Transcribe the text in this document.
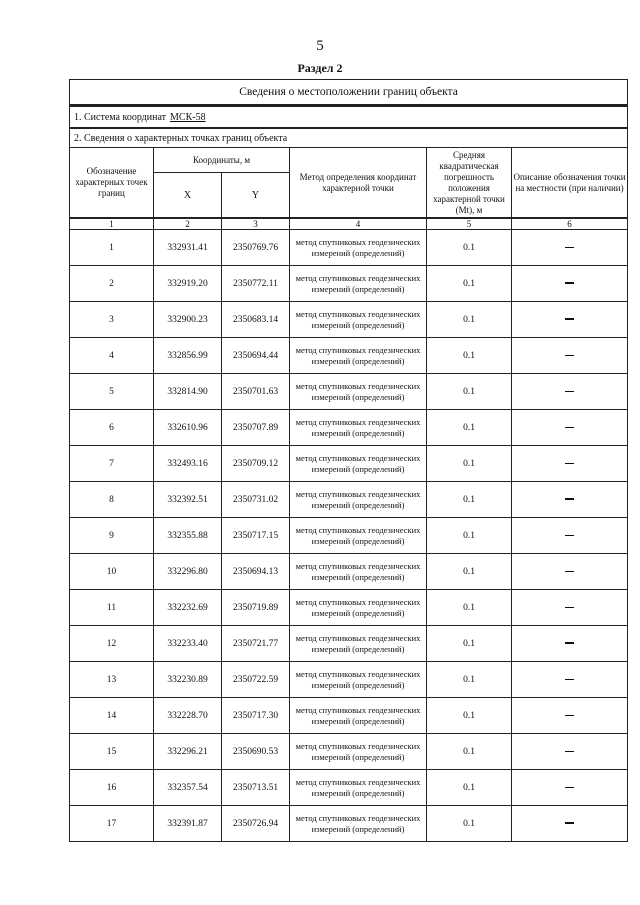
5
Раздел 2
Сведения о местоположении границ объекта					
1. Система координат МСК-58					
2. Сведения о характерных точках границ объекта					
Обозначение характерных точек границ	Координаты, м		Метод определения координат характерной точки	Средняя квадратическая погрешность положения характерной точки (Mt), м	Описание обозначения точки на местности (при наличии)
	X	Y			
1	2	3	4	5	6
1	332931.41	2350769.76	метод спутниковых геодезических измерений (определений)	0.1	
2	332919.20	2350772.11	метод спутниковых геодезических измерений (определений)	0.1	
3	332900.23	2350683.14	метод спутниковых геодезических измерений (определений)	0.1	
4	332856.99	2350694.44	метод спутниковых геодезических измерений (определений)	0.1	
5	332814.90	2350701.63	метод спутниковых геодезических измерений (определений)	0.1	
6	332610.96	2350707.89	метод спутниковых геодезических измерений (определений)	0.1	
7	332493.16	2350709.12	метод спутниковых геодезических измерений (определений)	0.1	
8	332392.51	2350731.02	метод спутниковых геодезических измерений (определений)	0.1	
9	332355.88	2350717.15	метод спутниковых геодезических измерений (определений)	0.1	
10	332296.80	2350694.13	метод спутниковых геодезических измерений (определений)	0.1	
11	332232.69	2350719.89	метод спутниковых геодезических измерений (определений)	0.1	
12	332233.40	2350721.77	метод спутниковых геодезических измерений (определений)	0.1	
13	332230.89	2350722.59	метод спутниковых геодезических измерений (определений)	0.1	
14	332228.70	2350717.30	метод спутниковых геодезических измерений (определений)	0.1	
15	332296.21	2350690.53	метод спутниковых геодезических измерений (определений)	0.1	
16	332357.54	2350713.51	метод спутниковых геодезических измерений (определений)	0.1	
17	332391.87	2350726.94	метод спутниковых геодезических измерений (определений)	0.1	
